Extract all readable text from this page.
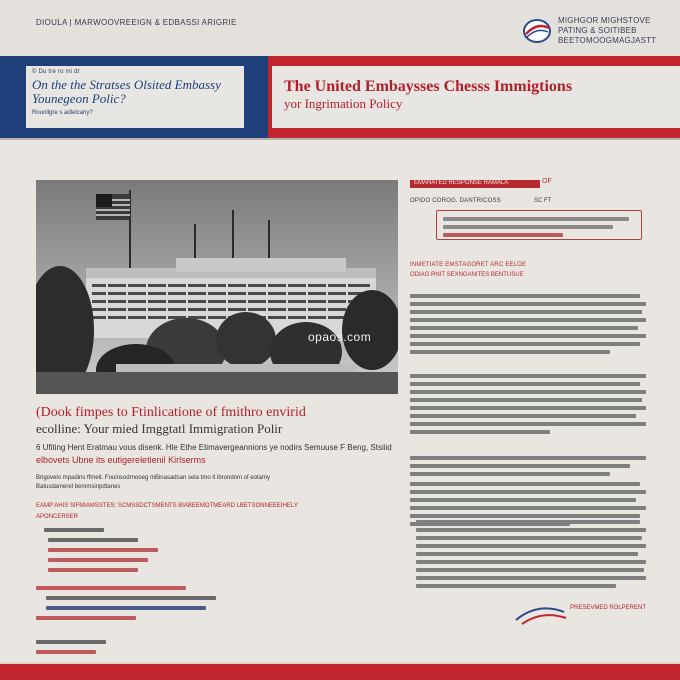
DIOULA | MARWOOVREEIGN & EDBASSI ARIGRIE	MIGHGOR MIGHSTOVE
PATING & SOITIBEB
BEETOMOOGMAGJASTT
© Du tre ro mi dt
On the the Stratses Olsited Embassy Younegeon Polic?
Rounllgre s adlelcany?
The United Embaysses Chesss Immigtions
yor Ingrimation Policy
opaos.com
EMANATED RESPONSE RAMALA	OF
OPIDO COROG. DANTRICOSS	SC FT
INMETIATE EMSTAGORET ARC EELOE
ODIAG RNIT SEXNGANITES BENTUSUE
(Dook fimpes to Ftinlicatione of fmithro envirid
ecolline: Your mied Imggtatl Immigration Polir
6 Ufiting Hent Eratmau vous disenk. Hle Ethe Etimavergeannions ye nodirs Semuuse F Beng, Stsiiid
elbovets Ubne its eutigereletienil Kirlserms
Brigovelo mpadins ffmeit. Fouinsodrnooeg mBinasadsan sela tmo lt ibrondom of eotamy
Batusdamerel bemmsinpdtanes
EAMP AHIS SIFMIAMSSTES: SCMSSDCTSMENTS BIABEEMOTMEARD LBETSONNEEEIHELY
APONCERSER
PRESEVMED ROLPERENT
